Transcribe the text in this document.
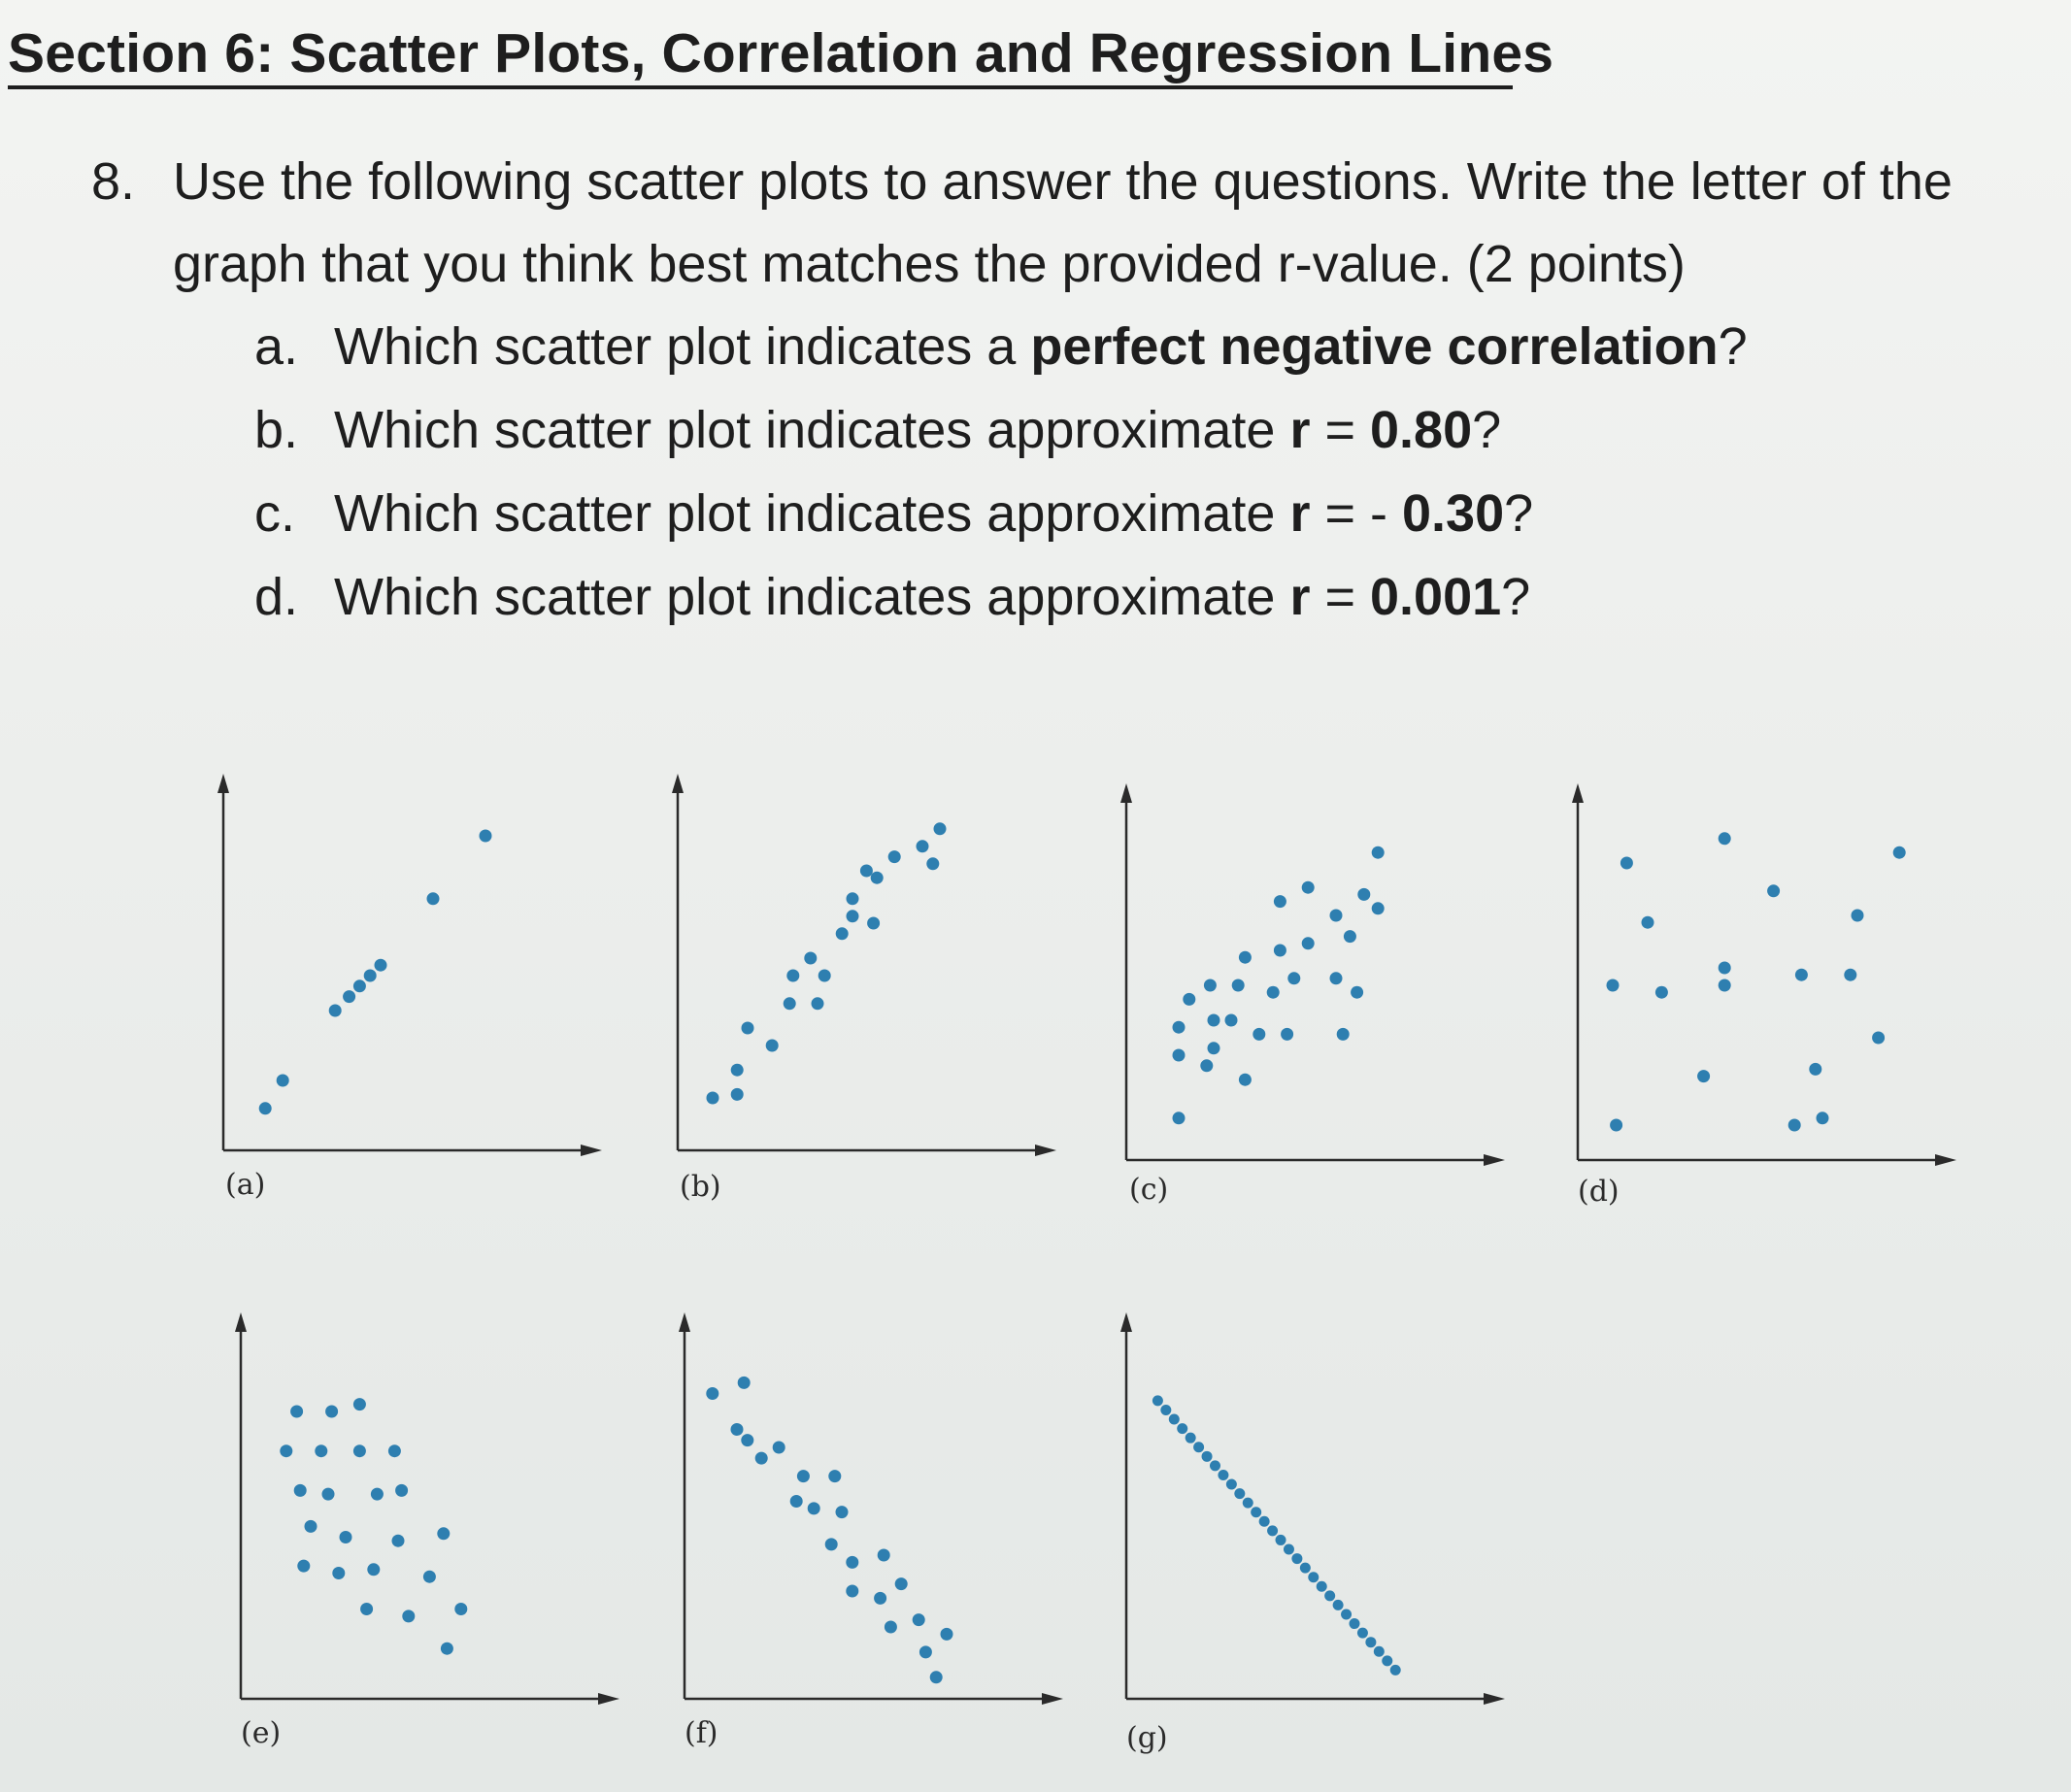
Section 6: Scatter Plots, Correlation and Regression Lines
8. Use the following scatter plots to answer the questions. Write the letter of the
graph that you think best matches the provided r-value. (2 points)
a. Which scatter plot indicates a perfect negative correlation?
b. Which scatter plot indicates approximate r = 0.80?
c. Which scatter plot indicates approximate r = - 0.30?
d. Which scatter plot indicates approximate r = 0.001?
(a)	(b)	(c)	(d)
(e)	(f)	(g)
